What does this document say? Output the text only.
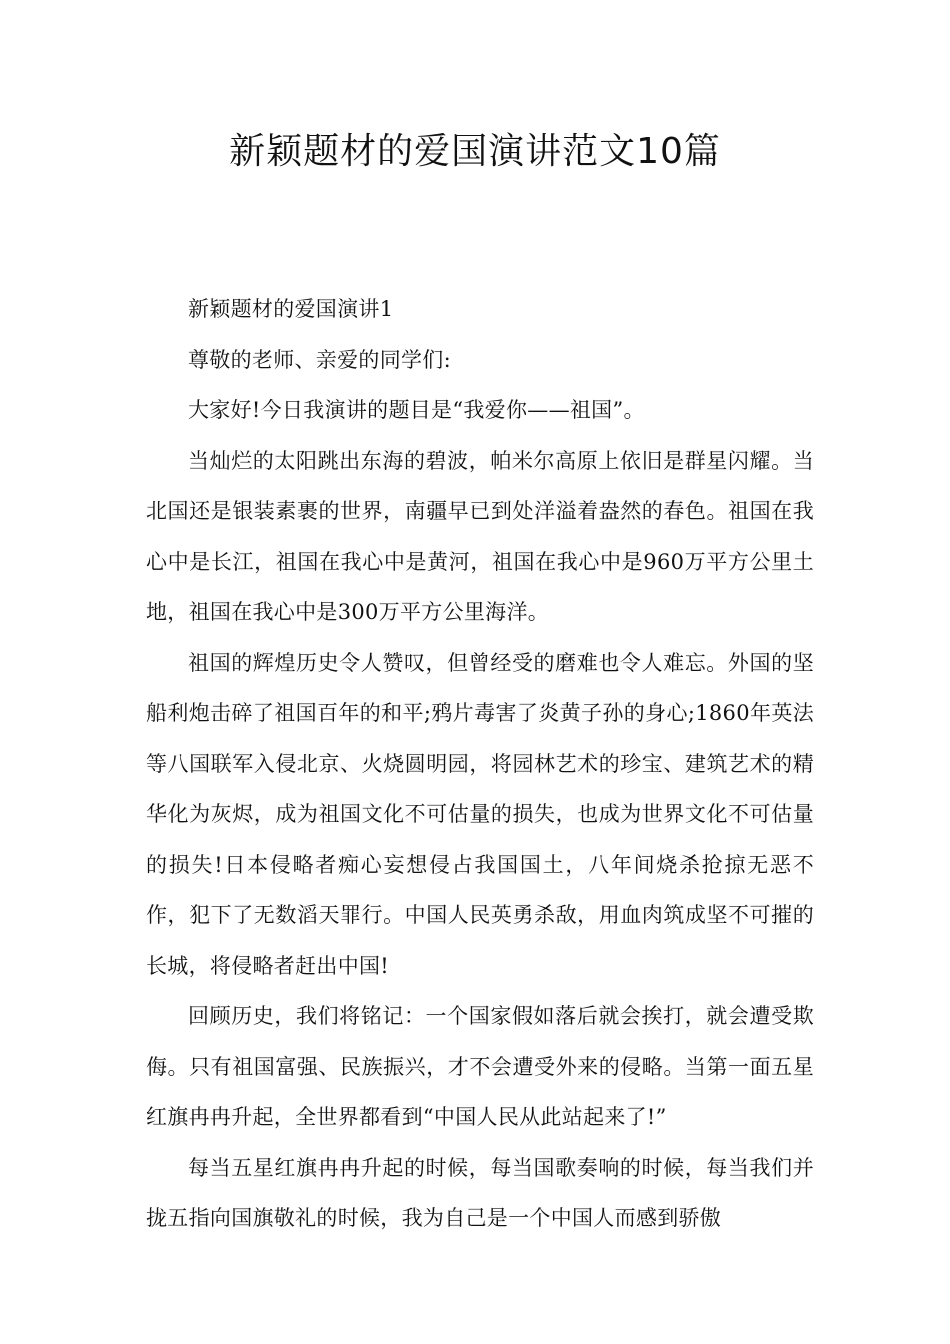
新颖题材的爱国演讲范文10篇

新颖题材的爱国演讲1

尊敬的老师、亲爱的同学们:

大家好!今日我演讲的题目是“我爱你——祖国”。

当灿烂的太阳跳出东海的碧波，帕米尔高原上依旧是群星闪耀。当北国还是银装素裹的世界，南疆早已到处洋溢着盎然的春色。祖国在我心中是长江，祖国在我心中是黄河，祖国在我心中是960万平方公里土地，祖国在我心中是300万平方公里海洋。

祖国的辉煌历史令人赞叹，但曾经受的磨难也令人难忘。外国的坚船利炮击碎了祖国百年的和平;鸦片毒害了炎黄子孙的身心;1860年英法等八国联军入侵北京、火烧圆明园，将园林艺术的珍宝、建筑艺术的精华化为灰烬，成为祖国文化不可估量的损失，也成为世界文化不可估量的损失!日本侵略者痴心妄想侵占我国国土，八年间烧杀抢掠无恶不作，犯下了无数滔天罪行。中国人民英勇杀敌，用血肉筑成坚不可摧的长城，将侵略者赶出中国!

回顾历史，我们将铭记：一个国家假如落后就会挨打，就会遭受欺侮。只有祖国富强、民族振兴，才不会遭受外来的侵略。当第一面五星红旗冉冉升起，全世界都看到“中国人民从此站起来了!”

每当五星红旗冉冉升起的时候，每当国歌奏响的时候，每当我们并拢五指向国旗敬礼的时候，我为自己是一个中国人而感到骄傲
